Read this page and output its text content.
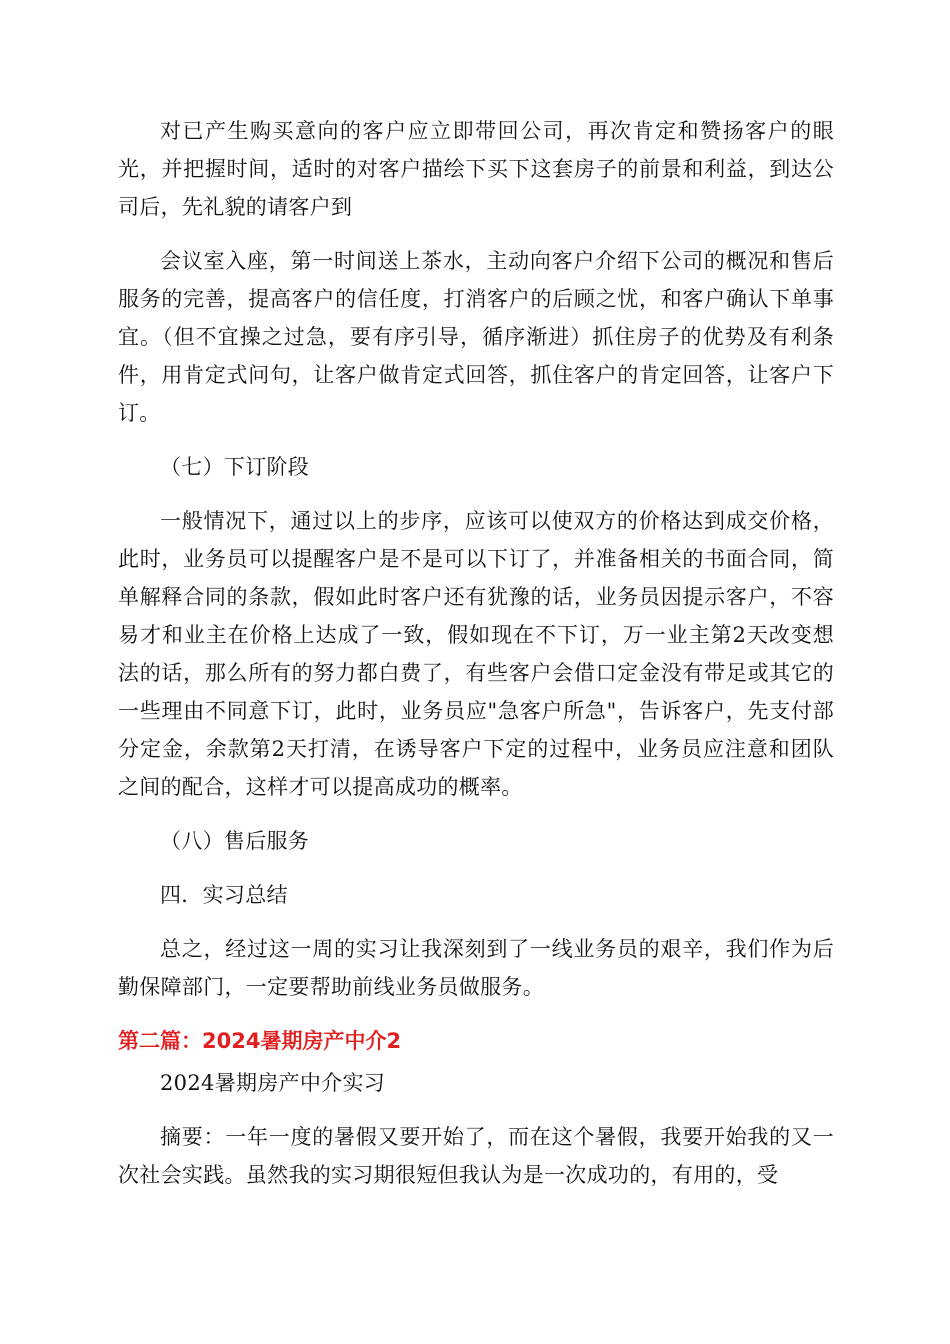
对已产生购买意向的客户应立即带回公司，再次肯定和赞扬客户的眼光，并把握时间，适时的对客户描绘下买下这套房子的前景和利益，到达公司后，先礼貌的请客户到

会议室入座，第一时间送上茶水，主动向客户介绍下公司的概况和售后服务的完善，提高客户的信任度，打消客户的后顾之忧，和客户确认下单事宜。（但不宜操之过急，要有序引导，循序渐进）抓住房子的优势及有利条件，用肯定式问句，让客户做肯定式回答，抓住客户的肯定回答，让客户下订。

（七）下订阶段

一般情况下，通过以上的步序，应该可以使双方的价格达到成交价格，此时，业务员可以提醒客户是不是可以下订了，并准备相关的书面合同，简单解释合同的条款，假如此时客户还有犹豫的话，业务员因提示客户，不容易才和业主在价格上达成了一致，假如现在不下订，万一业主第2天改变想法的话，那么所有的努力都白费了，有些客户会借口定金没有带足或其它的一些理由不同意下订，此时，业务员应"急客户所急"，告诉客户，先支付部分定金，余款第2天打清，在诱导客户下定的过程中，业务员应注意和团队之间的配合，这样才可以提高成功的概率。

（八）售后服务

四．实习总结

总之，经过这一周的实习让我深刻到了一线业务员的艰辛，我们作为后勤保障部门，一定要帮助前线业务员做服务。

第二篇：2024暑期房产中介2

2024暑期房产中介实习

摘要：一年一度的暑假又要开始了，而在这个暑假，我要开始我的又一次社会实践。虽然我的实习期很短但我认为是一次成功的，有用的，受
